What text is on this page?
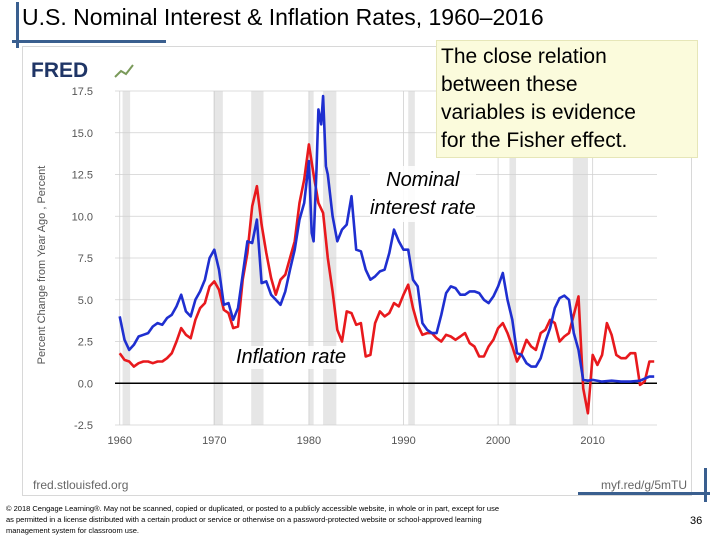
U.S. Nominal Interest & Inflation Rates, 1960–2016
-2.5
0.0
2.5
5.0
7.5
10.0
12.5
15.0
17.5
1960	1970	1980	1990	2000	2010
FRED
Percent Change from Year Ago , Percent
fred.stlouisfed.org	myf.red/g/5mTU

The close relation

between these

variables is evidence

for the Fisher effect.

Nominal
interest rate
Inflation rate

© 2018 Cengage Learning®. May not be scanned, copied or duplicated, or posted to a publicly accessible website, in whole or in part, except for use

as permitted in a license distributed with a certain product or service or otherwise on a password-protected website or school-approved learning

management system for classroom use.

36
